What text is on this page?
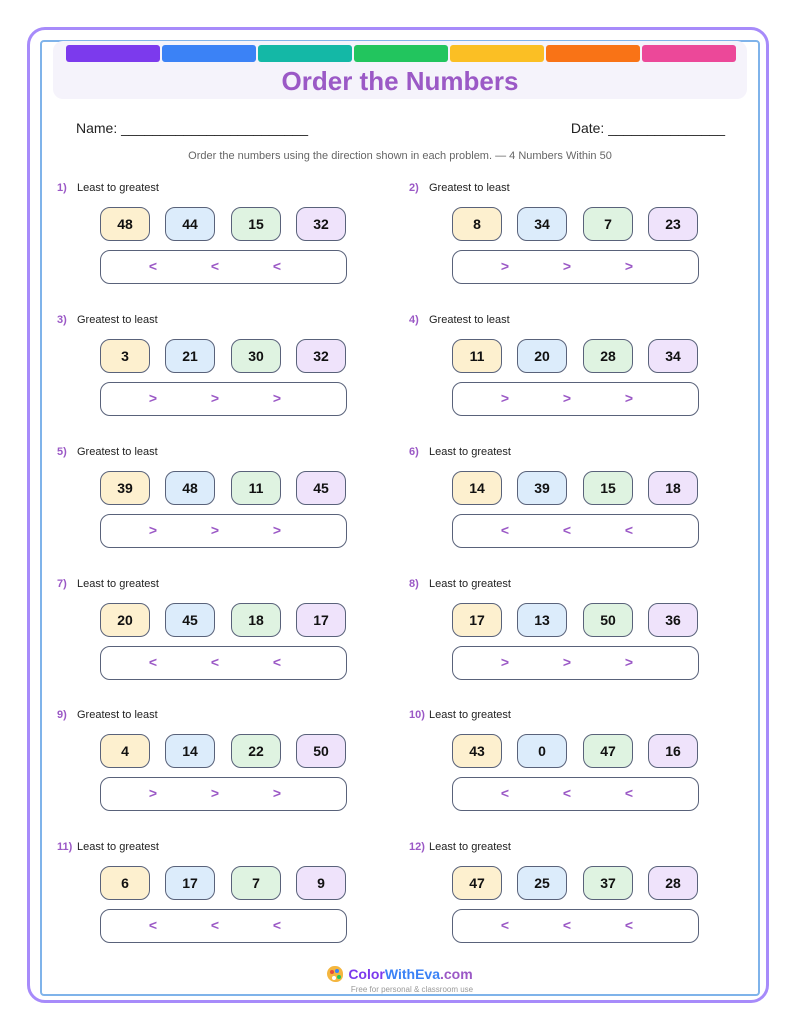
Order the Numbers
Name: ________________________	Date: _______________
Order the numbers using the direction shown in each problem. — 4 Numbers Within 50
1) Least to greatest
48	44	15	32
<	<	<
2) Greatest to least
8	34	7	23
>	>	>
3) Greatest to least
3	21	30	32
>	>	>
4) Greatest to least
11	20	28	34
>	>	>
5) Greatest to least
39	48	11	45
>	>	>
6) Least to greatest
14	39	15	18
<	<	<
7) Least to greatest
20	45	18	17
<	<	<
8) Least to greatest
17	13	50	36
>	>	>
9) Greatest to least
4	14	22	50
>	>	>
10) Least to greatest
43	0	47	16
<	<	<
11) Least to greatest
6	17	7	9
<	<	<
12) Least to greatest
47	25	37	28
<	<	<
ColorWithEva.com
Free for personal & classroom use
